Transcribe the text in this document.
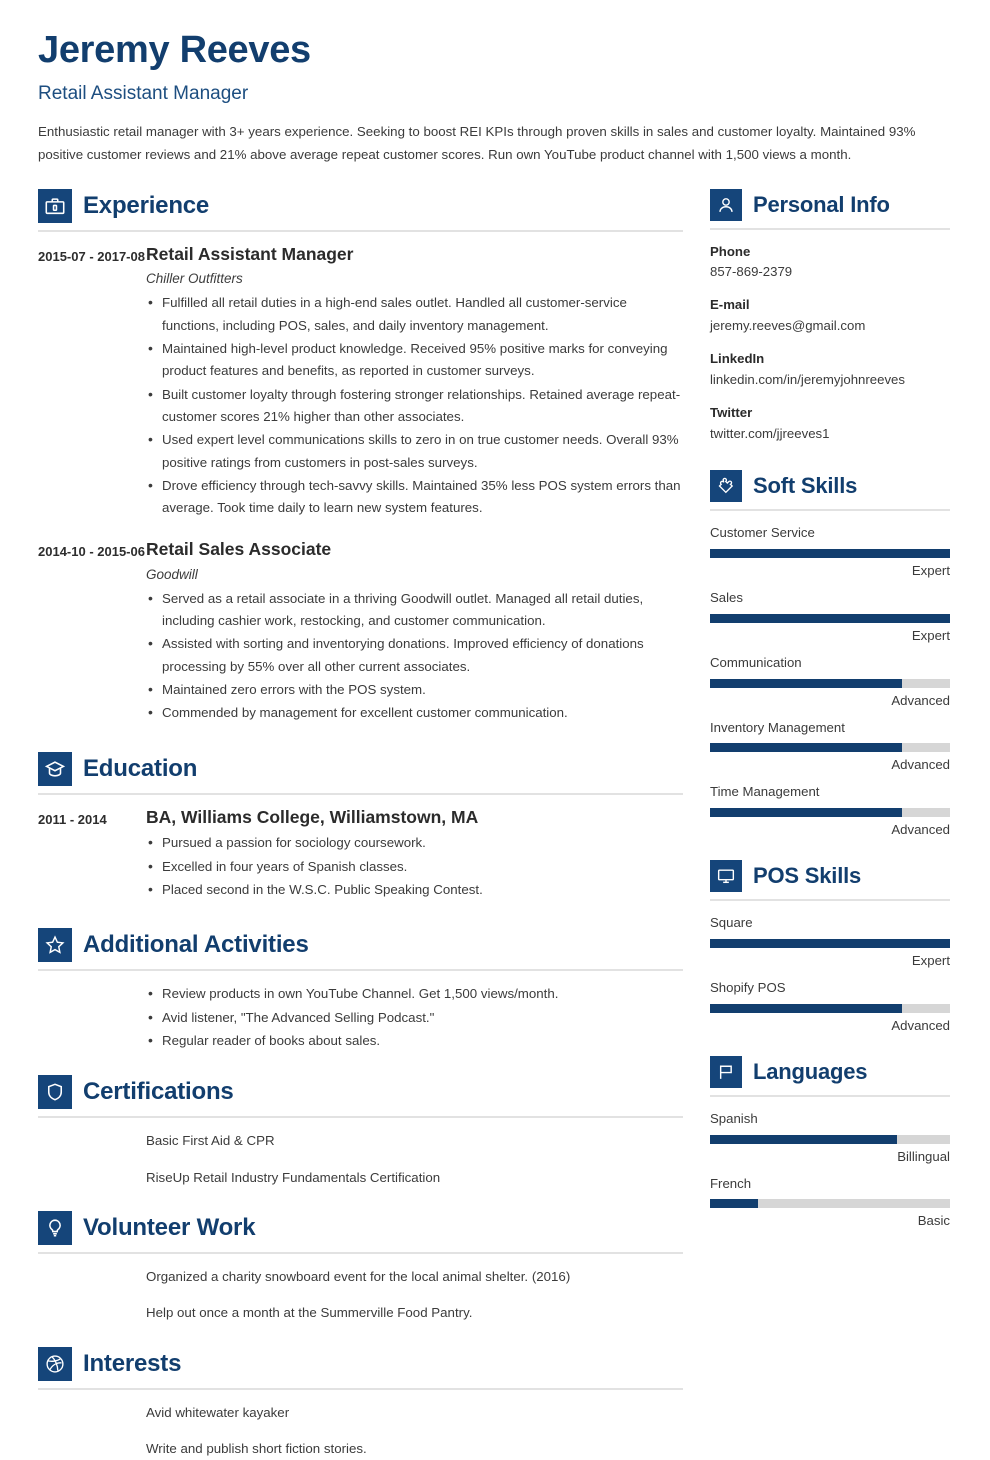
Jeremy Reeves
Retail Assistant Manager
Enthusiastic retail manager with 3+ years experience. Seeking to boost REI KPIs through proven skills in sales and customer loyalty. Maintained 93% positive customer reviews and 21% above average repeat customer scores. Run own YouTube product channel with 1,500 views a month.
Experience
2015-07 - 2017-08 Retail Assistant Manager
Chiller Outfitters
• Fulfilled all retail duties in a high-end sales outlet. Handled all customer-service functions, including POS, sales, and daily inventory management.
• Maintained high-level product knowledge. Received 95% positive marks for conveying product features and benefits, as reported in customer surveys.
• Built customer loyalty through fostering stronger relationships. Retained average repeat-customer scores 21% higher than other associates.
• Used expert level communications skills to zero in on true customer needs. Overall 93% positive ratings from customers in post-sales surveys.
• Drove efficiency through tech-savvy skills. Maintained 35% less POS system errors than average. Took time daily to learn new system features.
2014-10 - 2015-06 Retail Sales Associate
Goodwill
• Served as a retail associate in a thriving Goodwill outlet. Managed all retail duties, including cashier work, restocking, and customer communication.
• Assisted with sorting and inventorying donations. Improved efficiency of donations processing by 55% over all other current associates.
• Maintained zero errors with the POS system.
• Commended by management for excellent customer communication.
Education
2011 - 2014	BA, Williams College, Williamstown, MA
• Pursued a passion for sociology coursework.
• Excelled in four years of Spanish classes.
• Placed second in the W.S.C. Public Speaking Contest.
Additional Activities
• Review products in own YouTube Channel. Get 1,500 views/month.
• Avid listener, "The Advanced Selling Podcast."
• Regular reader of books about sales.
Certifications
Basic First Aid & CPR
RiseUp Retail Industry Fundamentals Certification
Volunteer Work
Organized a charity snowboard event for the local animal shelter. (2016)
Help out once a month at the Summerville Food Pantry.
Interests
Avid whitewater kayaker
Write and publish short fiction stories.
Personal Info
Phone
857-869-2379
E-mail
jeremy.reeves@gmail.com
LinkedIn
linkedin.com/in/jeremyjohnreeves
Twitter
twitter.com/jjreeves1
Soft Skills
Customer Service
Expert
Sales
Expert
Communication
Advanced
Inventory Management
Advanced
Time Management
Advanced
POS Skills
Square
Expert
Shopify POS
Advanced
Languages
Spanish
Billingual
French
Basic
